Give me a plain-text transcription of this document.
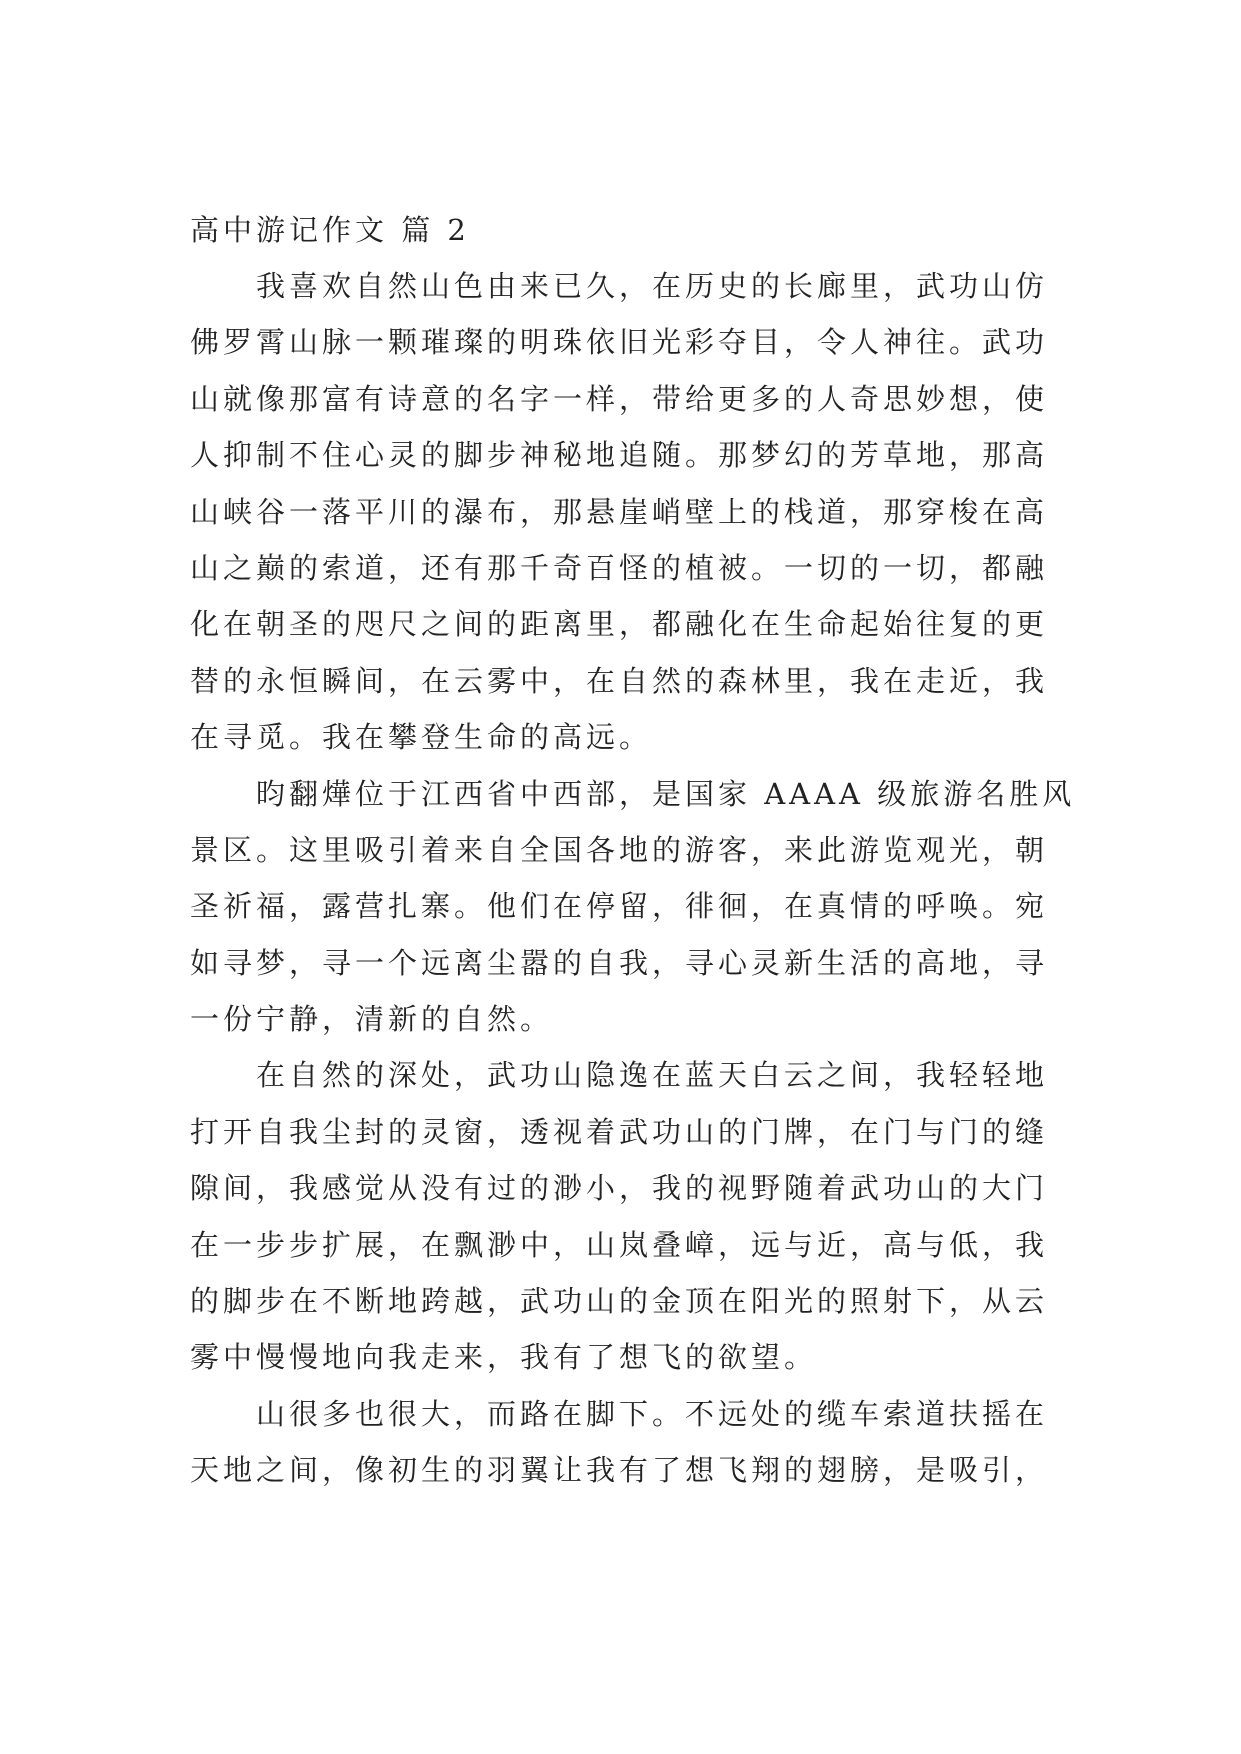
高中游记作文 篇 2
我喜欢自然山色由来已久，在历史的长廊里，武功山仿
佛罗霄山脉一颗璀璨的明珠依旧光彩夺目，令人神往。武功
山就像那富有诗意的名字一样，带给更多的人奇思妙想，使
人抑制不住心灵的脚步神秘地追随。那梦幻的芳草地，那高
山峡谷一落平川的瀑布，那悬崖峭壁上的栈道，那穿梭在高
山之巅的索道，还有那千奇百怪的植被。一切的一切，都融
化在朝圣的咫尺之间的距离里，都融化在生命起始往复的更
替的永恒瞬间，在云雾中，在自然的森林里，我在走近，我
在寻觅。我在攀登生命的高远。
昀翻燁位于江西省中西部，是国家 AAAA 级旅游名胜风
景区。这里吸引着来自全国各地的游客，来此游览观光，朝
圣祈福，露营扎寨。他们在停留，徘徊，在真情的呼唤。宛
如寻梦，寻一个远离尘嚣的自我，寻心灵新生活的高地，寻
一份宁静，清新的自然。
在自然的深处，武功山隐逸在蓝天白云之间，我轻轻地
打开自我尘封的灵窗，透视着武功山的门牌，在门与门的缝
隙间，我感觉从没有过的渺小，我的视野随着武功山的大门
在一步步扩展，在飘渺中，山岚叠嶂，远与近，高与低，我
的脚步在不断地跨越，武功山的金顶在阳光的照射下，从云
雾中慢慢地向我走来，我有了想飞的欲望。
山很多也很大，而路在脚下。不远处的缆车索道扶摇在
天地之间，像初生的羽翼让我有了想飞翔的翅膀，是吸引，
